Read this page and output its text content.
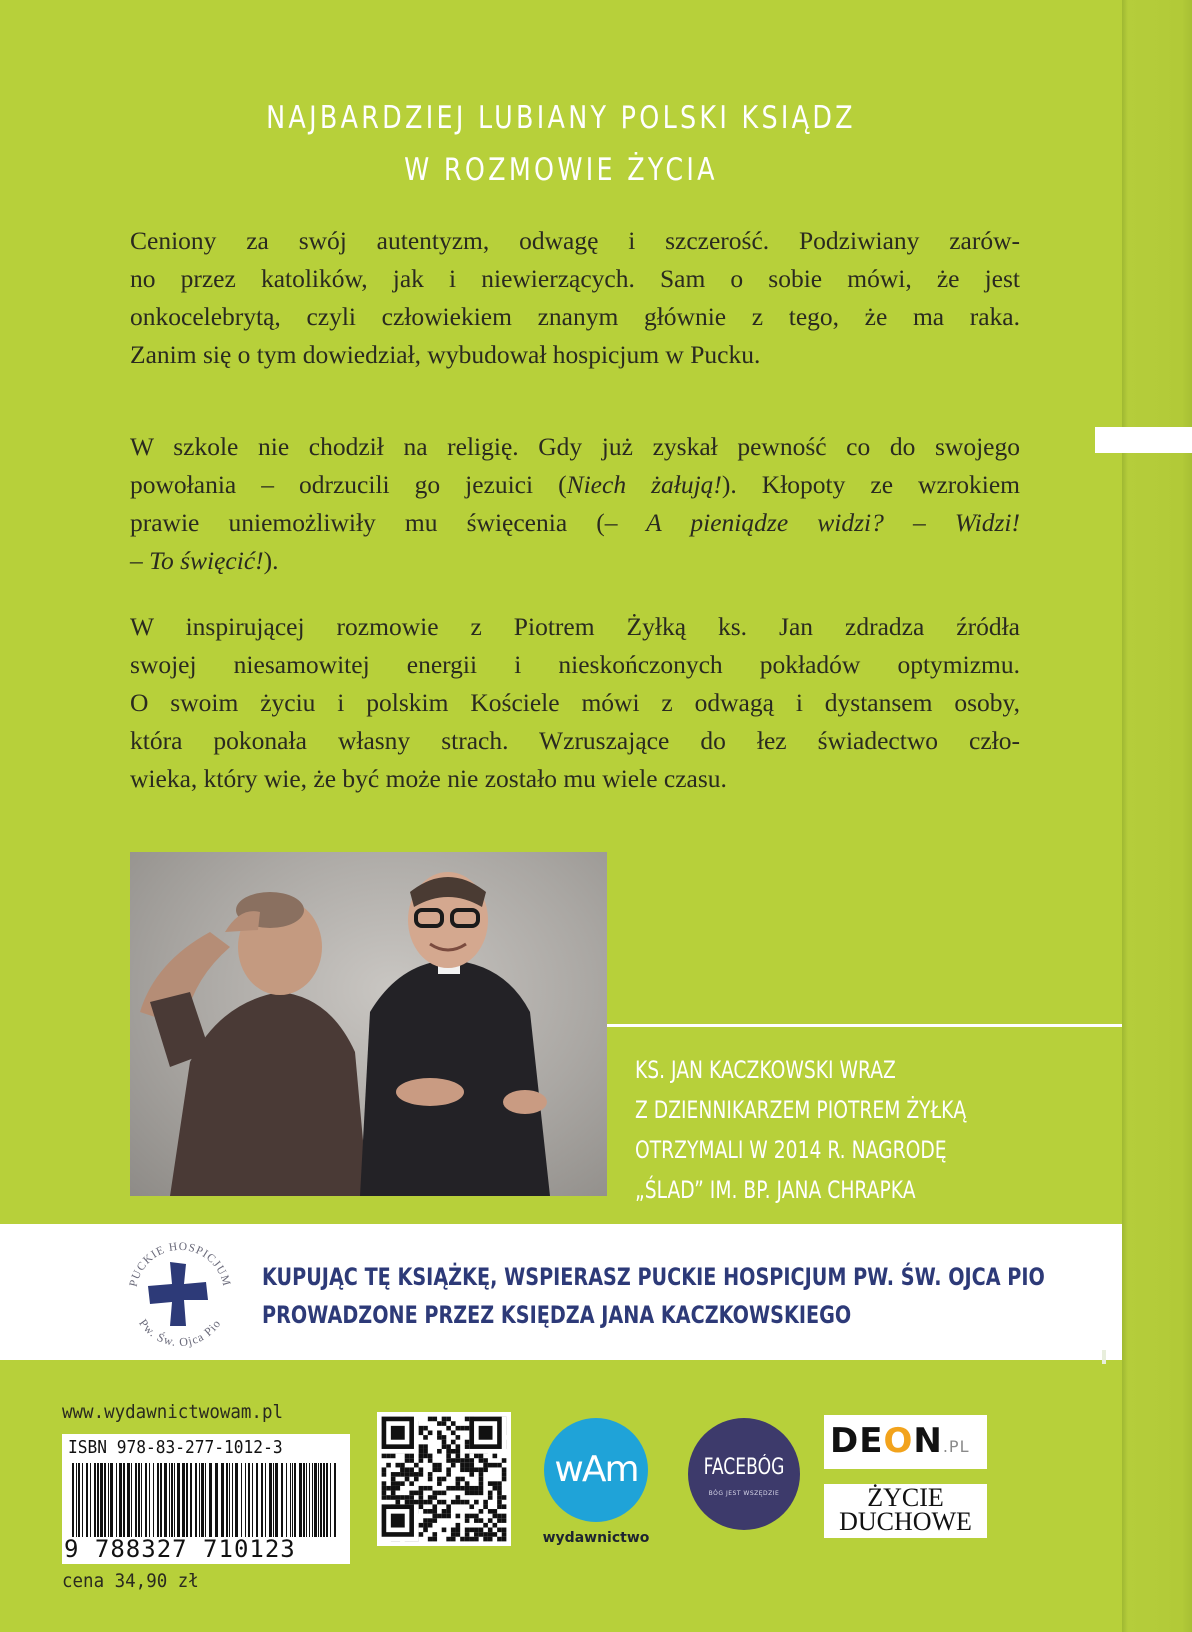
NAJBARDZIEJ LUBIANY POLSKI KSIĄDZ
W ROZMOWIE ŻYCIA
Ceniony za swój autentyzm, odwagę i szczerość. Podziwiany zarów-
no przez katolików, jak i niewierzących. Sam o sobie mówi, że jest
onkocelebrytą, czyli człowiekiem znanym głównie z tego, że ma raka.
Zanim się o tym dowiedział, wybudował hospicjum w Pucku.
W szkole nie chodził na religię. Gdy już zyskał pewność co do swojego
powołania – odrzucili go jezuici (Niech żałują!). Kłopoty ze wzrokiem
prawie uniemożliwiły mu święcenia (– A pieniądze widzi? – Widzi!
– To święcić!).
W inspirującej rozmowie z Piotrem Żyłką ks. Jan zdradza źródła
swojej niesamowitej energii i nieskończonych pokładów optymizmu.
O swoim życiu i polskim Kościele mówi z odwagą i dystansem osoby,
która pokonała własny strach. Wzruszające do łez świadectwo czło-
wieka, który wie, że być może nie zostało mu wiele czasu.
KS. JAN KACZKOWSKI WRAZ
Z DZIENNIKARZEM PIOTREM ŻYŁKĄ
OTRZYMALI W 2014 R. NAGRODĘ
„ŚLAD” IM. BP. JANA CHRAPKA
PUCKIE HOSPICJUM
Pw. Św. Ojca Pio
KUPUJĄC TĘ KSIĄŻKĘ, WSPIERASZ PUCKIE HOSPICJUM PW. ŚW. OJCA PIO
PROWADZONE PRZEZ KSIĘDZA JANA KACZKOWSKIEGO
www.wydawnictwowam.pl
ISBN 978-83-277-1012-3
9 788327 710123
cena 34,90 zł
wAm
wydawnictwo
FACEBÓG
BÓG JEST WSZĘDZIE
DEON.PL
ŻYCIE
DUCHOWE
